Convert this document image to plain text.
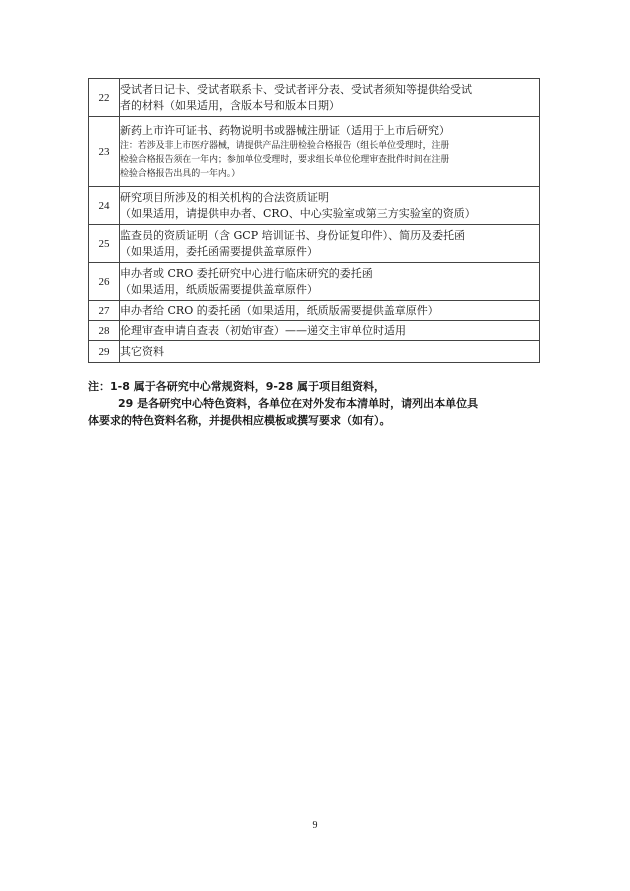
22	受试者日记卡、受试者联系卡、受试者评分表、受试者须知等提供给受试
者的材料（如果适用，含版本号和版本日期）

23	新药上市许可证书、药物说明书或器械注册证（适用于上市后研究）
注：若涉及非上市医疗器械，请提供产品注册检验合格报告（组长单位受理时，注册
检验合格报告须在一年内；参加单位受理时，要求组长单位伦理审查批件时间在注册
检验合格报告出具的一年内。）

24	研究项目所涉及的相关机构的合法资质证明
（如果适用，请提供申办者、CRO、中心实验室或第三方实验室的资质）

25	监查员的资质证明（含 GCP 培训证书、身份证复印件）、简历及委托函
（如果适用，委托函需要提供盖章原件）

26	申办者或 CRO 委托研究中心进行临床研究的委托函
（如果适用，纸质版需要提供盖章原件）

27	申办者给 CRO 的委托函（如果适用，纸质版需要提供盖章原件）

28	伦理审查申请自查表（初始审查）——递交主审单位时适用

29	其它资料

注：1-8 属于各研究中心常规资料，9-28 属于项目组资料，

29 是各研究中心特色资料，各单位在对外发布本清单时，请列出本单位具

体要求的特色资料名称，并提供相应模板或撰写要求（如有）。

9
